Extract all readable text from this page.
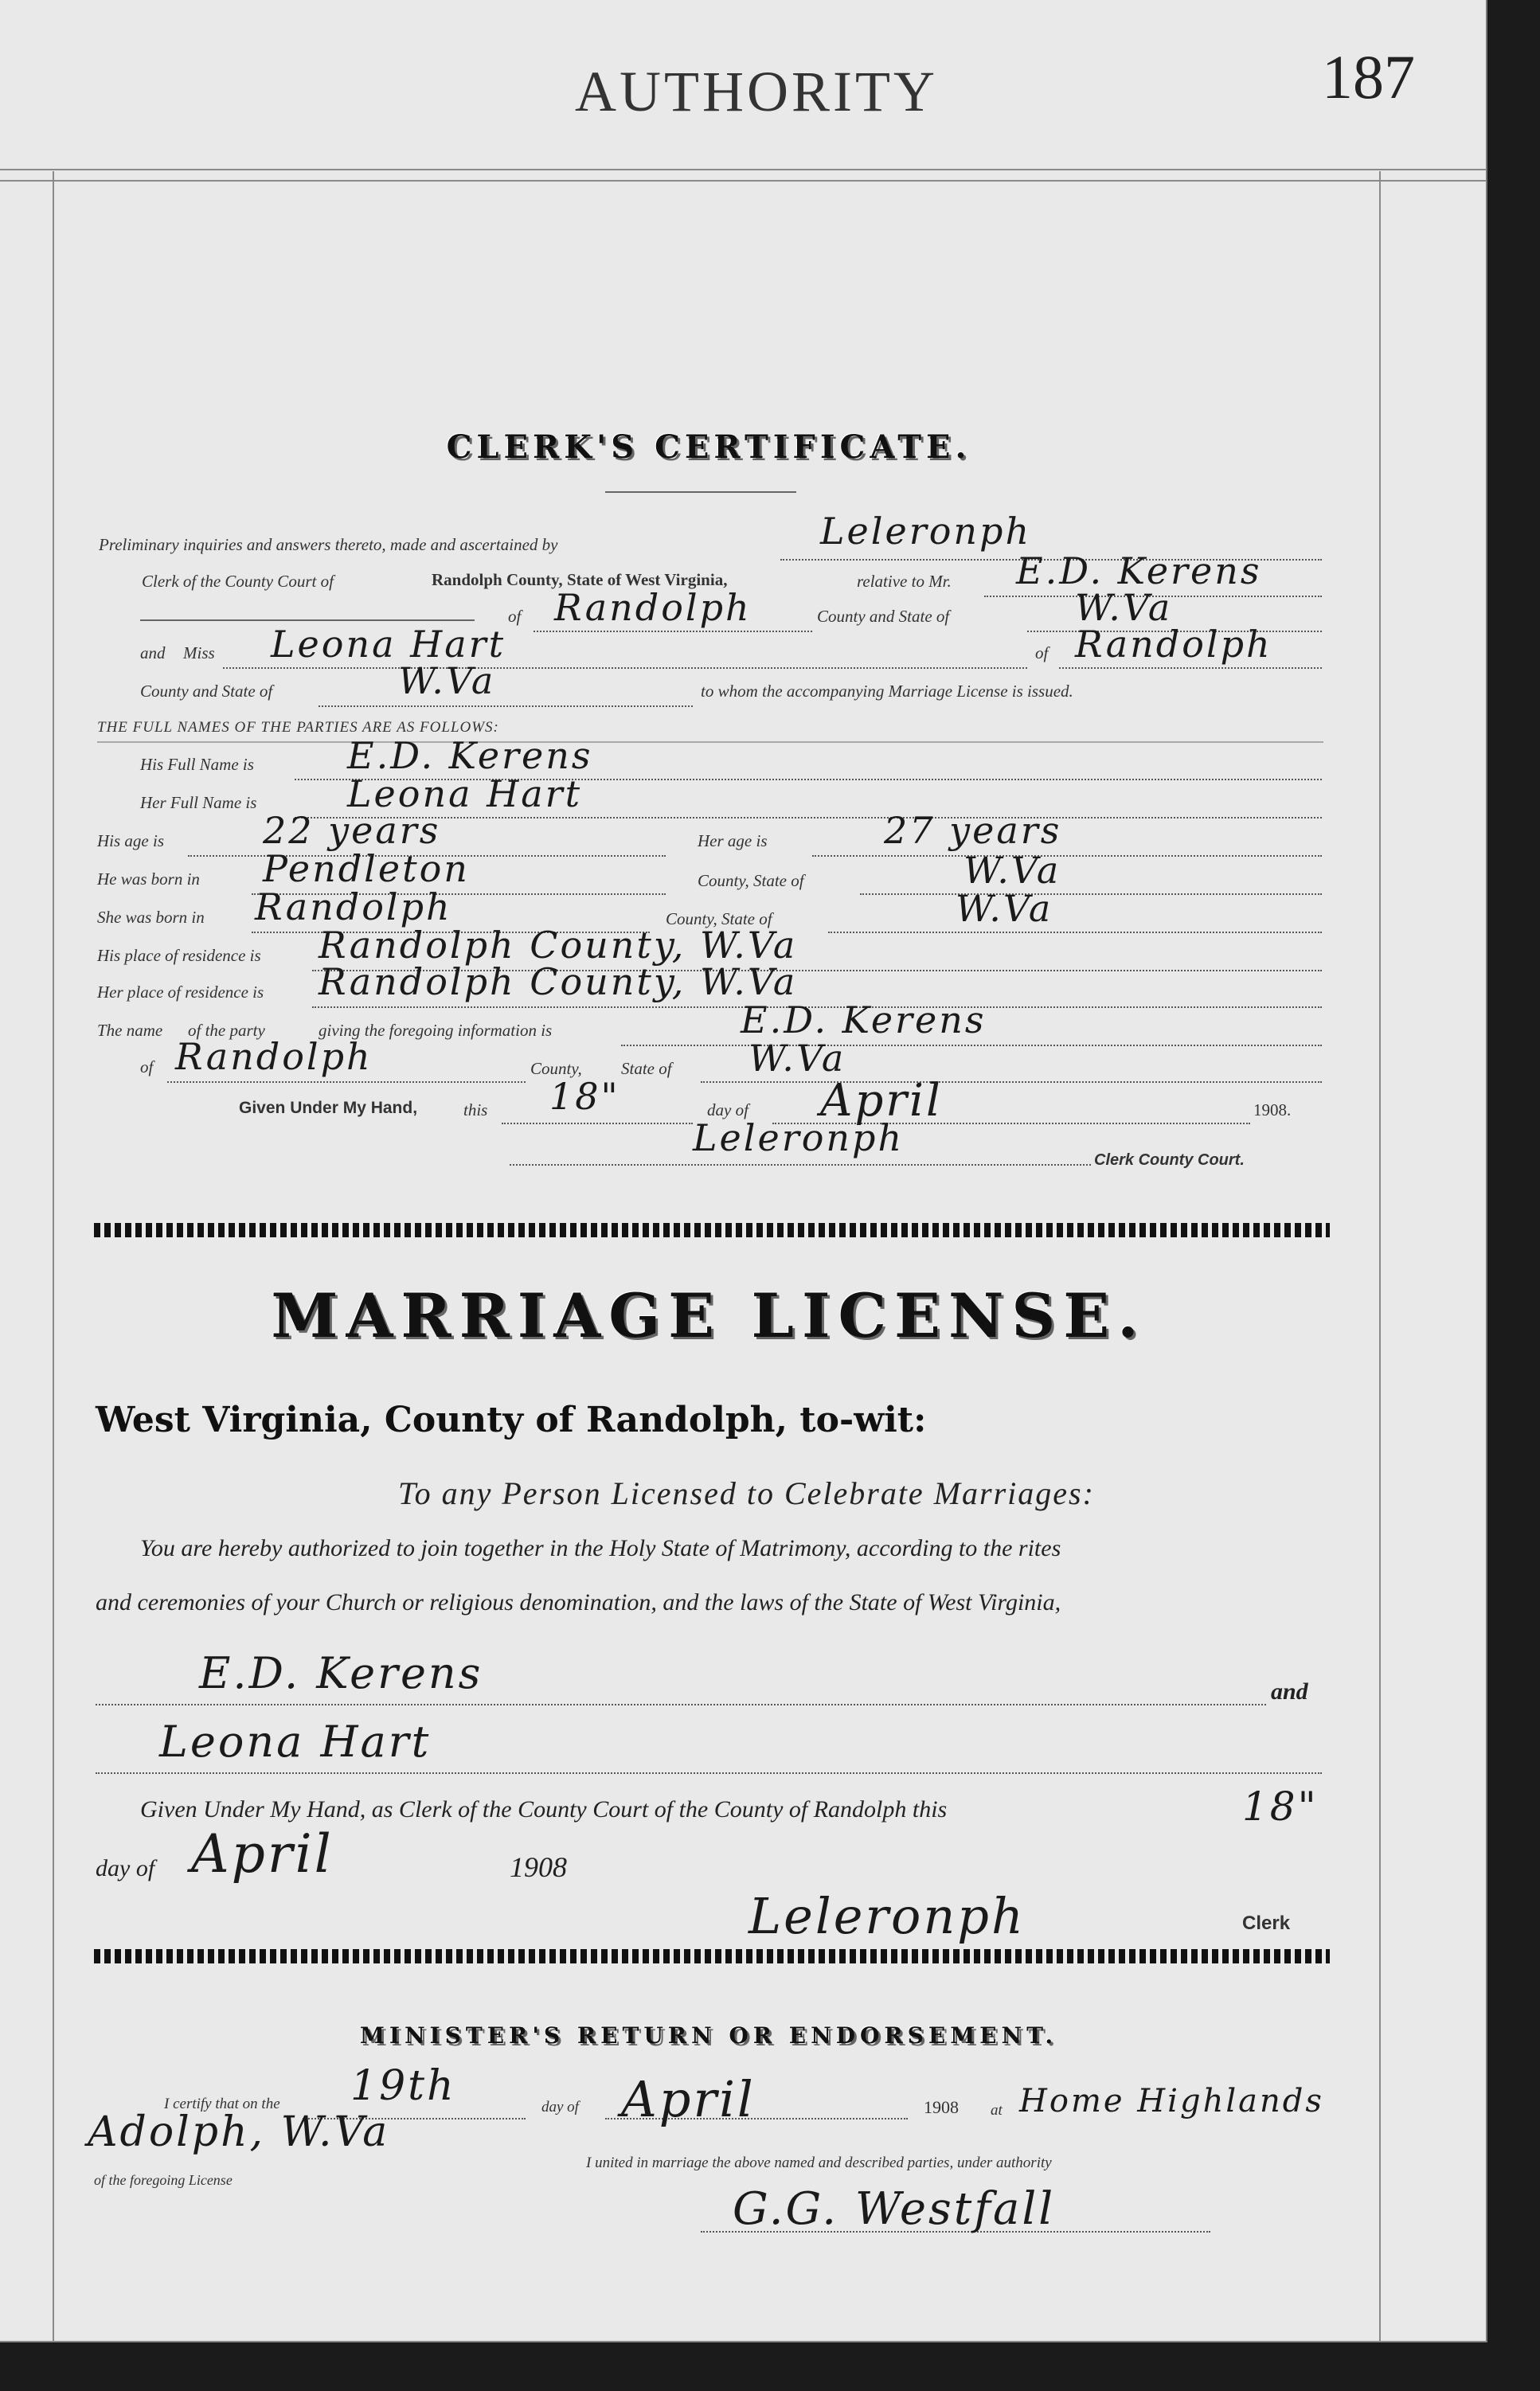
AUTHORITY	187
CLERK'S CERTIFICATE.
Preliminary inquiries and answers thereto, made and ascertained by	Leleronph
Clerk of the County Court of	Randolph County, State of West Virginia,	relative to Mr. E.D. Kerens
of Randolph	County and State of	W.Va
and Miss Leona Hart	of Randolph
County and State of	W.Va	to whom the accompanying Marriage License is issued.
THE FULL NAMES OF THE PARTIES ARE AS FOLLOWS:
His Full Name is	E.D. Kerens
Her Full Name is Leona Hart
His age is	22 years	Her age is	27 years
He was born in Pendleton	County, State of	W.Va
She was born in Randolph	County, State of	W.Va
His place of residence is Randolph County, W.Va
Her place of residence is Randolph County, W.Va
The name of the party	giving the foregoing information is	E.D. Kerens
of Randolph	County, State of W.Va
Given Under My Hand,	this 18"	day of April	1908.
Leleronph
Clerk County Court.
MARRIAGE LICENSE.
West Virginia, County of Randolph, to-wit:
To any Person Licensed to Celebrate Marriages:
You are hereby authorized to join together in the Holy State of Matrimony, according to the rites
and ceremonies of your Church or religious denomination, and the laws of the State of West Virginia,
E.D. Kerens	and
Leona Hart
Given Under My Hand, as Clerk of the County Court of the County of Randolph this	18"
day of April	1908
Leleronph	Clerk
MINISTER'S RETURN OR ENDORSEMENT.
I certify that on the 19th	day of April	1908 at Home Highlands
Adolph, W.Va
I united in marriage the above named and described parties, under authority
of the foregoing License
G.G. Westfall
